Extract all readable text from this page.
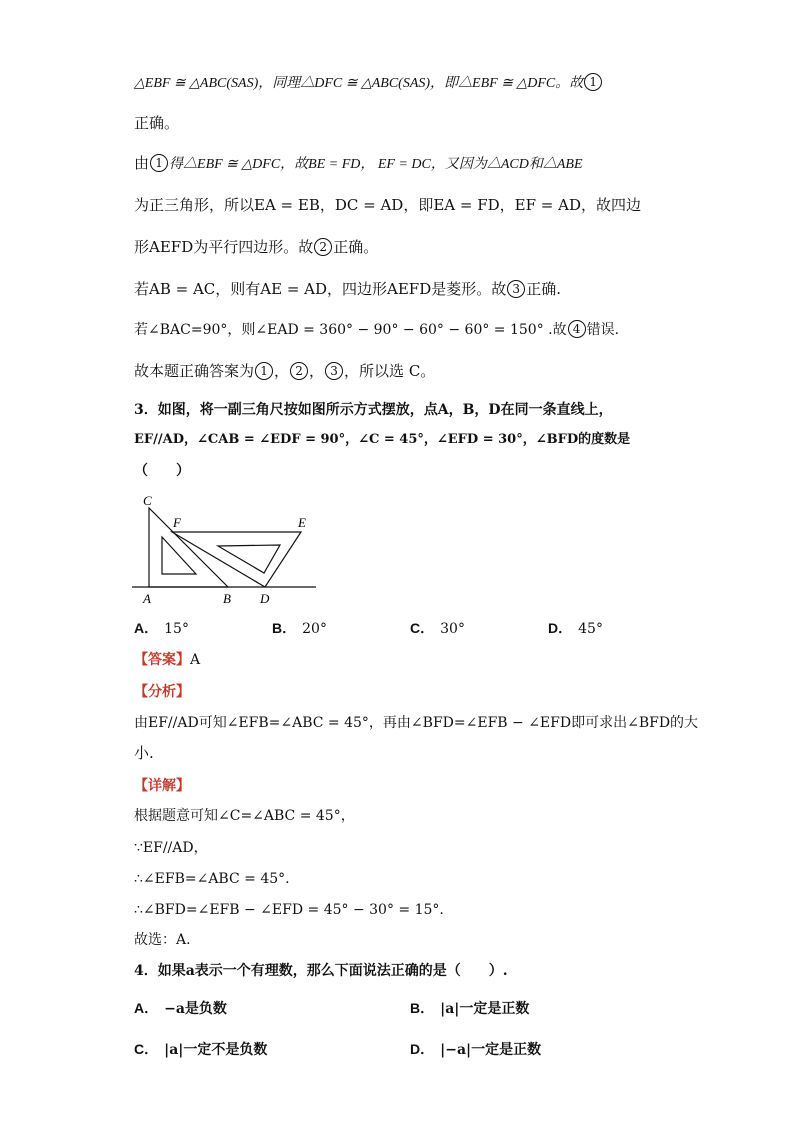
△EBF ≅ △ABC(SAS)，同理△DFC ≅ △ABC(SAS)，即△EBF ≅ △DFC。故 1
正确。
由 1 得△EBF ≅ △DFC，故BE = FD， EF = DC，又因为△ACD和△ABE
为正三角形，所以EA = EB，DC = AD，即EA = FD，EF = AD，故四边
形AEFD为平行四边形。故 2 正确。
若AB = AC，则有AE = AD，四边形AEFD是菱形。故 3 正确.
若∠BAC=90°，则∠EAD = 360° − 90° − 60° − 60° = 150° .故 4 错误.
故本题正确答案为 1 ， 2 ， 3 ，所以选 C。
3．如图，将一副三角尺按如图所示方式摆放，点A，B，D在同一条直线上，
EF//AD，∠CAB = ∠EDF = 90°，∠C = 45°，∠EFD = 30°，∠BFD的度数是
（　　）
C
F	E
A	B D
A． 15°	B． 20°	C． 30°	D． 45°
【答案】A
【分析】
由EF//AD可知∠EFB=∠ABC = 45°，再由∠BFD=∠EFB − ∠EFD即可求出∠BFD的大
小.
【详解】
根据题意可知∠C=∠ABC = 45°，
∵EF//AD，
∴∠EFB=∠ABC = 45°.
∴∠BFD=∠EFB − ∠EFD = 45° − 30° = 15°.
故选：A.
4．如果a表示一个有理数，那么下面说法正确的是（　　）.
A． −a是负数	B． |a|一定是正数
C． |a|一定不是负数	D． |−a|一定是正数
